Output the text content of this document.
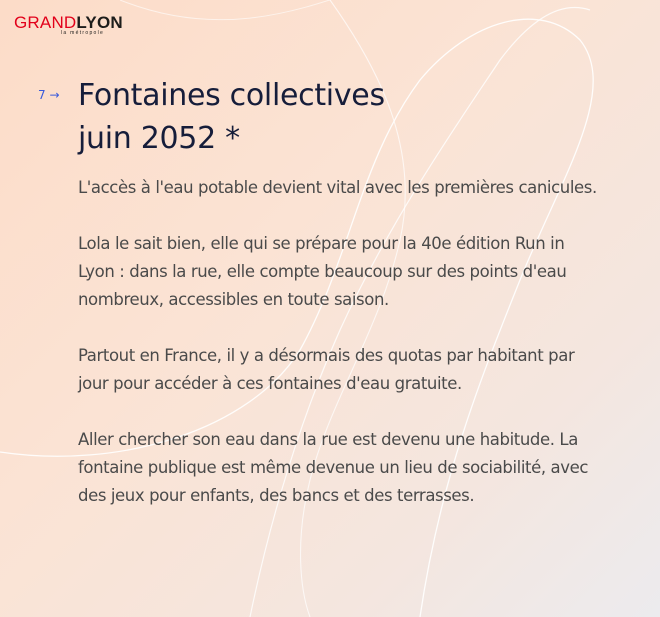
GRANDLYON
la métropole
7 → Fontaines collectives
juin 2052 *

L'accès à l'eau potable devient vital avec les premières canicules.

Lola le sait bien, elle qui se prépare pour la 40e édition Run in Lyon : dans la rue, elle compte beaucoup sur des points d'eau nombreux, accessibles en toute saison.

Partout en France, il y a désormais des quotas par habitant par jour pour accéder à ces fontaines d'eau gratuite.

Aller chercher son eau dans la rue est devenu une habitude. La fontaine publique est même devenue un lieu de sociabilité, avec des jeux pour enfants, des bancs et des terrasses.
